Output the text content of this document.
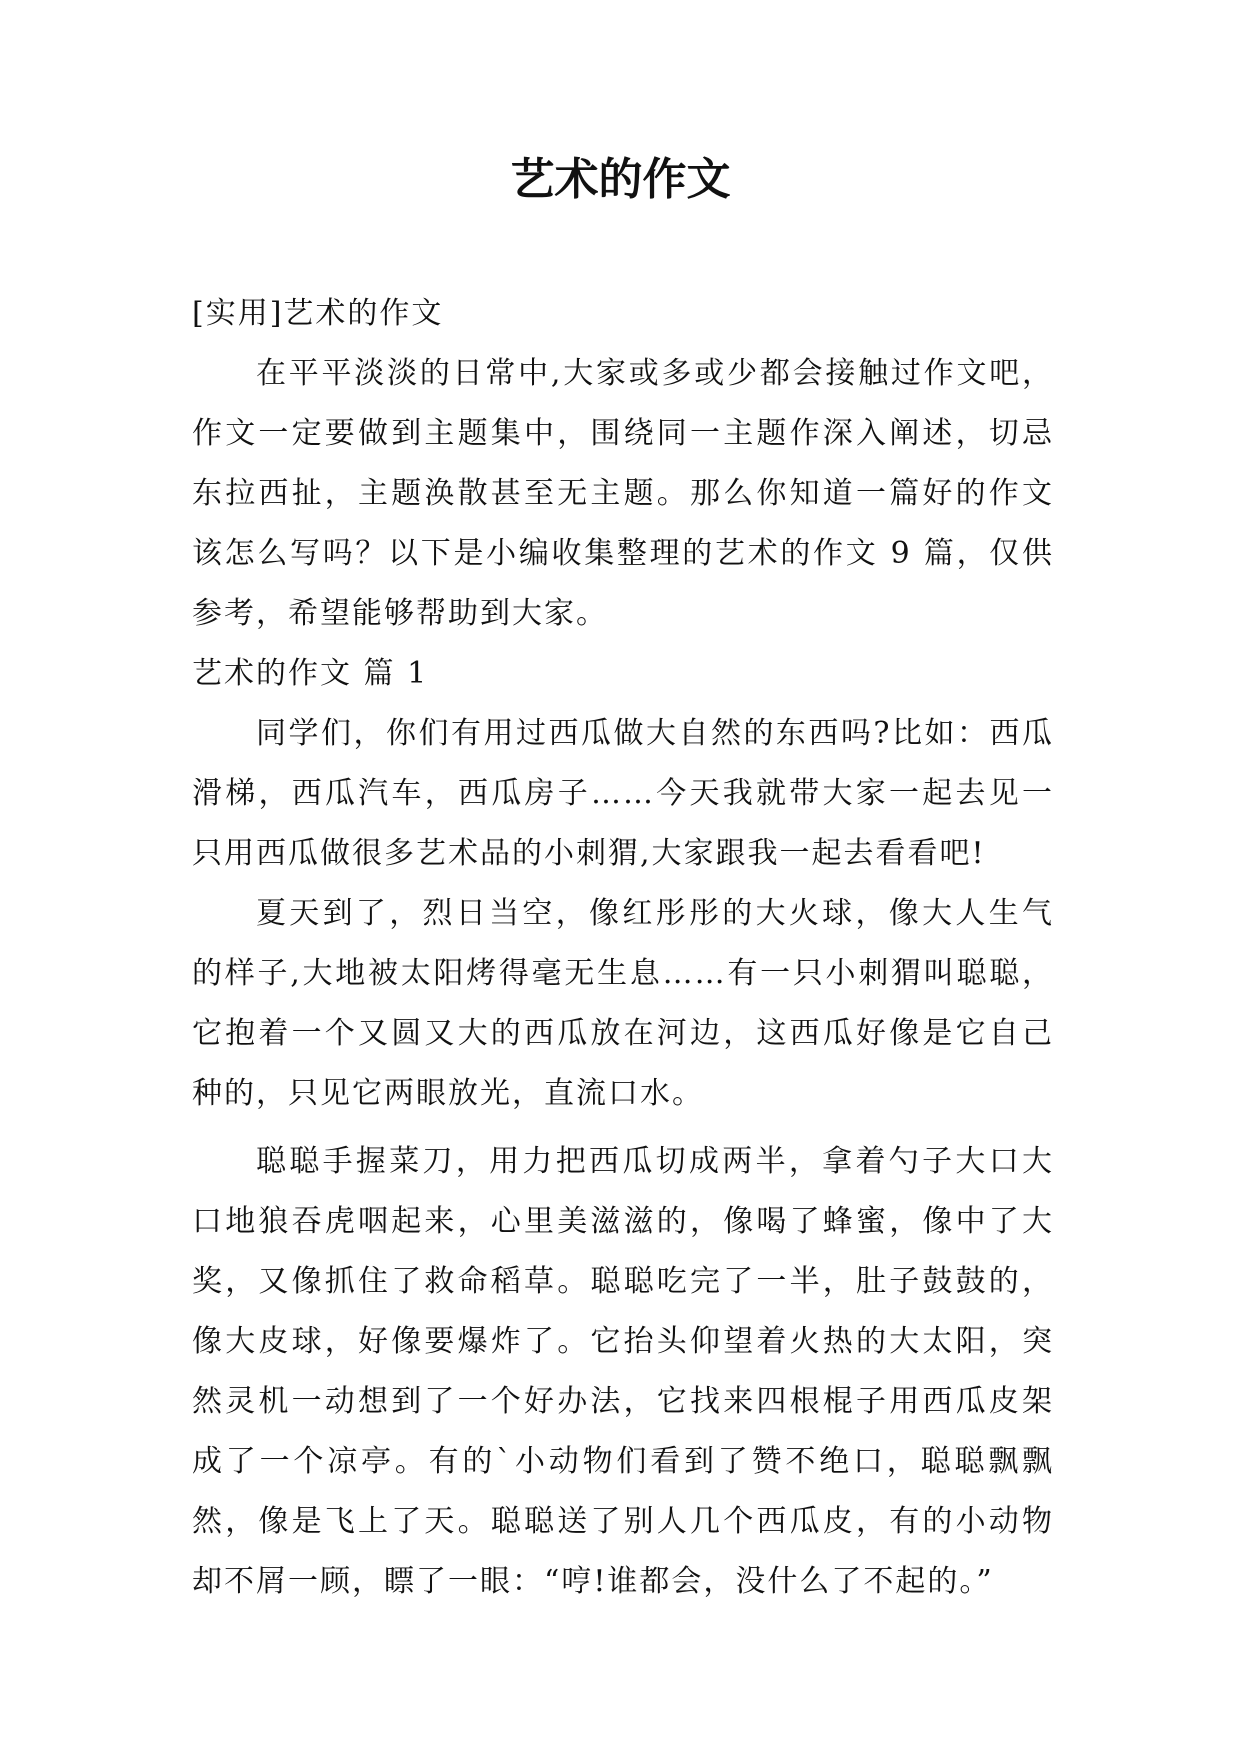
艺术的作文

[实用]艺术的作文

在平平淡淡的日常中,大家或多或少都会接触过作文吧，作文一定要做到主题集中，围绕同一主题作深入阐述，切忌东拉西扯，主题涣散甚至无主题。那么你知道一篇好的作文该怎么写吗？以下是小编收集整理的艺术的作文 9 篇，仅供参考，希望能够帮助到大家。

艺术的作文 篇 1

同学们，你们有用过西瓜做大自然的东西吗?比如：西瓜滑梯，西瓜汽车，西瓜房子……今天我就带大家一起去见一只用西瓜做很多艺术品的小刺猬,大家跟我一起去看看吧!

夏天到了，烈日当空，像红彤彤的大火球，像大人生气的样子,大地被太阳烤得毫无生息……有一只小刺猬叫聪聪，它抱着一个又圆又大的西瓜放在河边，这西瓜好像是它自己种的，只见它两眼放光，直流口水。

聪聪手握菜刀，用力把西瓜切成两半，拿着勺子大口大口地狼吞虎咽起来，心里美滋滋的，像喝了蜂蜜，像中了大奖，又像抓住了救命稻草。聪聪吃完了一半，肚子鼓鼓的，像大皮球，好像要爆炸了。它抬头仰望着火热的大太阳，突然灵机一动想到了一个好办法，它找来四根棍子用西瓜皮架成了一个凉亭。有的`小动物们看到了赞不绝口，聪聪飘飘然，像是飞上了天。聪聪送了别人几个西瓜皮，有的小动物却不屑一顾，瞟了一眼：“哼!谁都会，没什么了不起的。”
